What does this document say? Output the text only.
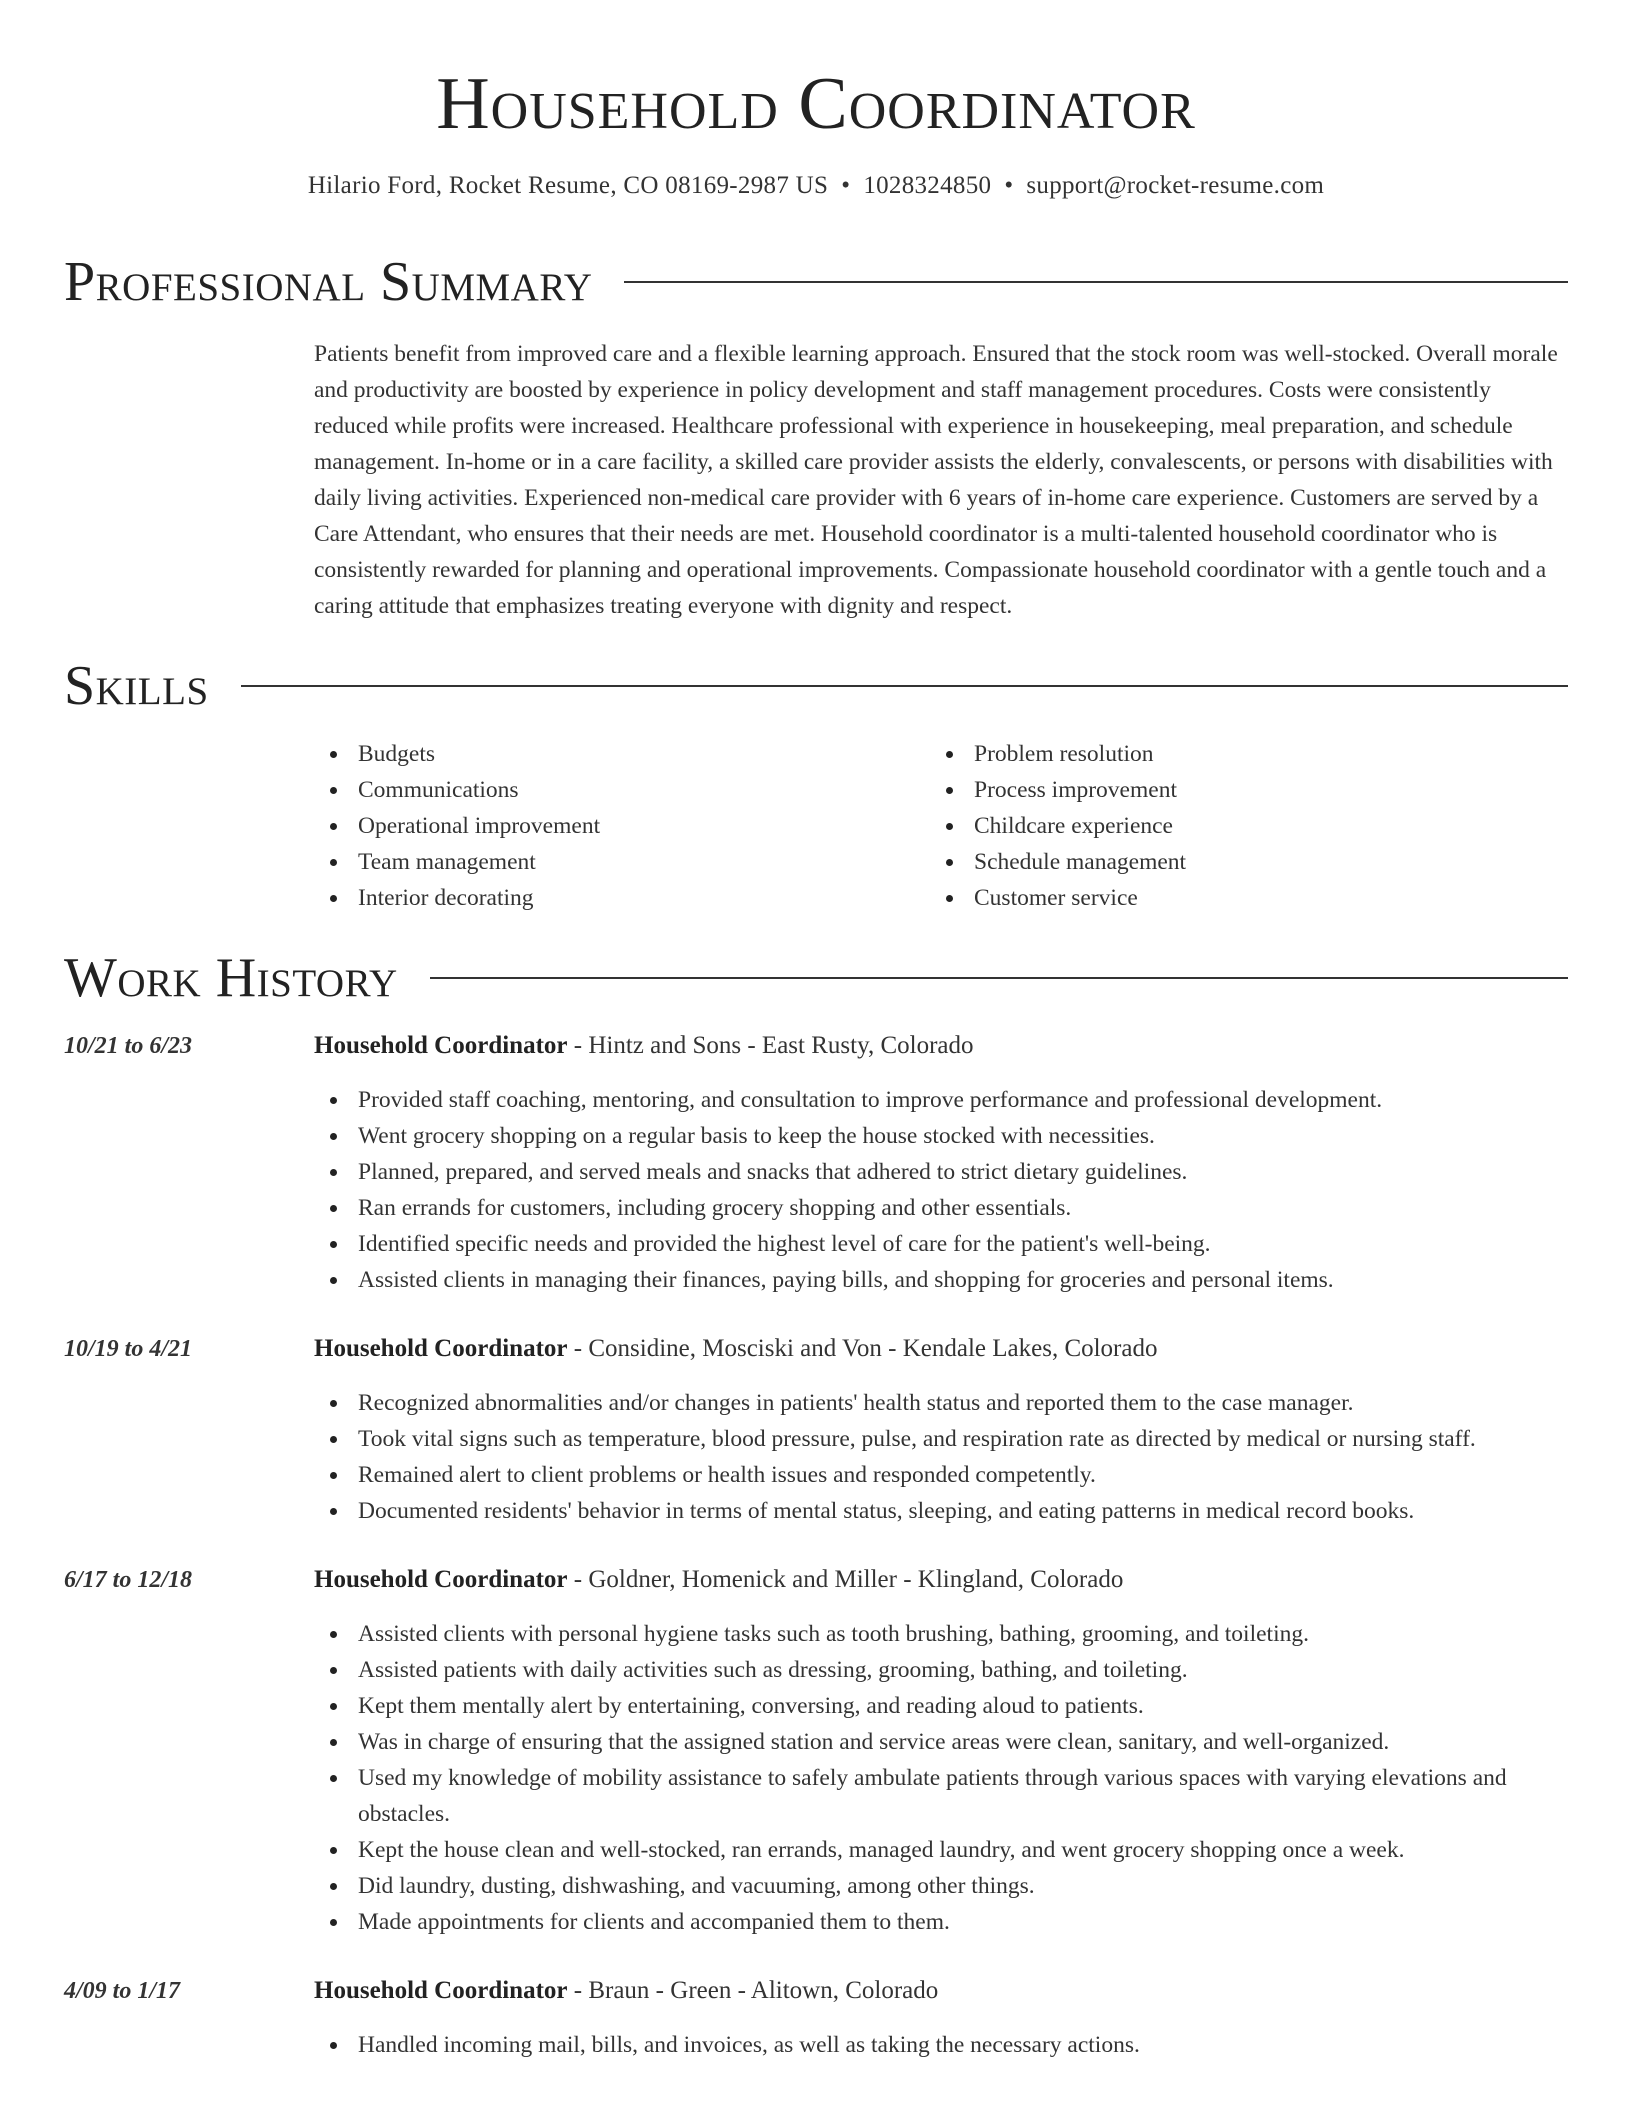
Household Coordinator
Hilario Ford, Rocket Resume, CO 08169-2987 US • 1028324850 • support@rocket-resume.com
Professional Summary

Patients benefit from improved care and a flexible learning approach. Ensured that the stock room was well-stocked. Overall morale and productivity are boosted by experience in policy development and staff management procedures. Costs were consistently reduced while profits were increased. Healthcare professional with experience in housekeeping, meal preparation, and schedule management. In-home or in a care facility, a skilled care provider assists the elderly, convalescents, or persons with disabilities with daily living activities. Experienced non-medical care provider with 6 years of in-home care experience. Customers are served by a Care Attendant, who ensures that their needs are met. Household coordinator is a multi-talented household coordinator who is consistently rewarded for planning and operational improvements. Compassionate household coordinator with a gentle touch and a caring attitude that emphasizes treating everyone with dignity and respect.

Skills
Budgets
Communications
Operational improvement
Team management
Interior decorating
Problem resolution
Process improvement
Childcare experience
Schedule management
Customer service
Work History
10/21 to 6/23	Household Coordinator - Hintz and Sons - East Rusty, Colorado
Provided staff coaching, mentoring, and consultation to improve performance and professional development.
Went grocery shopping on a regular basis to keep the house stocked with necessities.
Planned, prepared, and served meals and snacks that adhered to strict dietary guidelines.
Ran errands for customers, including grocery shopping and other essentials.
Identified specific needs and provided the highest level of care for the patient's well-being.
Assisted clients in managing their finances, paying bills, and shopping for groceries and personal items.
10/19 to 4/21	Household Coordinator - Considine, Mosciski and Von - Kendale Lakes, Colorado
Recognized abnormalities and/or changes in patients' health status and reported them to the case manager.
Took vital signs such as temperature, blood pressure, pulse, and respiration rate as directed by medical or nursing staff.
Remained alert to client problems or health issues and responded competently.
Documented residents' behavior in terms of mental status, sleeping, and eating patterns in medical record books.
6/17 to 12/18	Household Coordinator - Goldner, Homenick and Miller - Klingland, Colorado
Assisted clients with personal hygiene tasks such as tooth brushing, bathing, grooming, and toileting.
Assisted patients with daily activities such as dressing, grooming, bathing, and toileting.
Kept them mentally alert by entertaining, conversing, and reading aloud to patients.
Was in charge of ensuring that the assigned station and service areas were clean, sanitary, and well-organized.
Used my knowledge of mobility assistance to safely ambulate patients through various spaces with varying elevations and obstacles.
Kept the house clean and well-stocked, ran errands, managed laundry, and went grocery shopping once a week.
Did laundry, dusting, dishwashing, and vacuuming, among other things.
Made appointments for clients and accompanied them to them.
4/09 to 1/17	Household Coordinator - Braun - Green - Alitown, Colorado
Handled incoming mail, bills, and invoices, as well as taking the necessary actions.
